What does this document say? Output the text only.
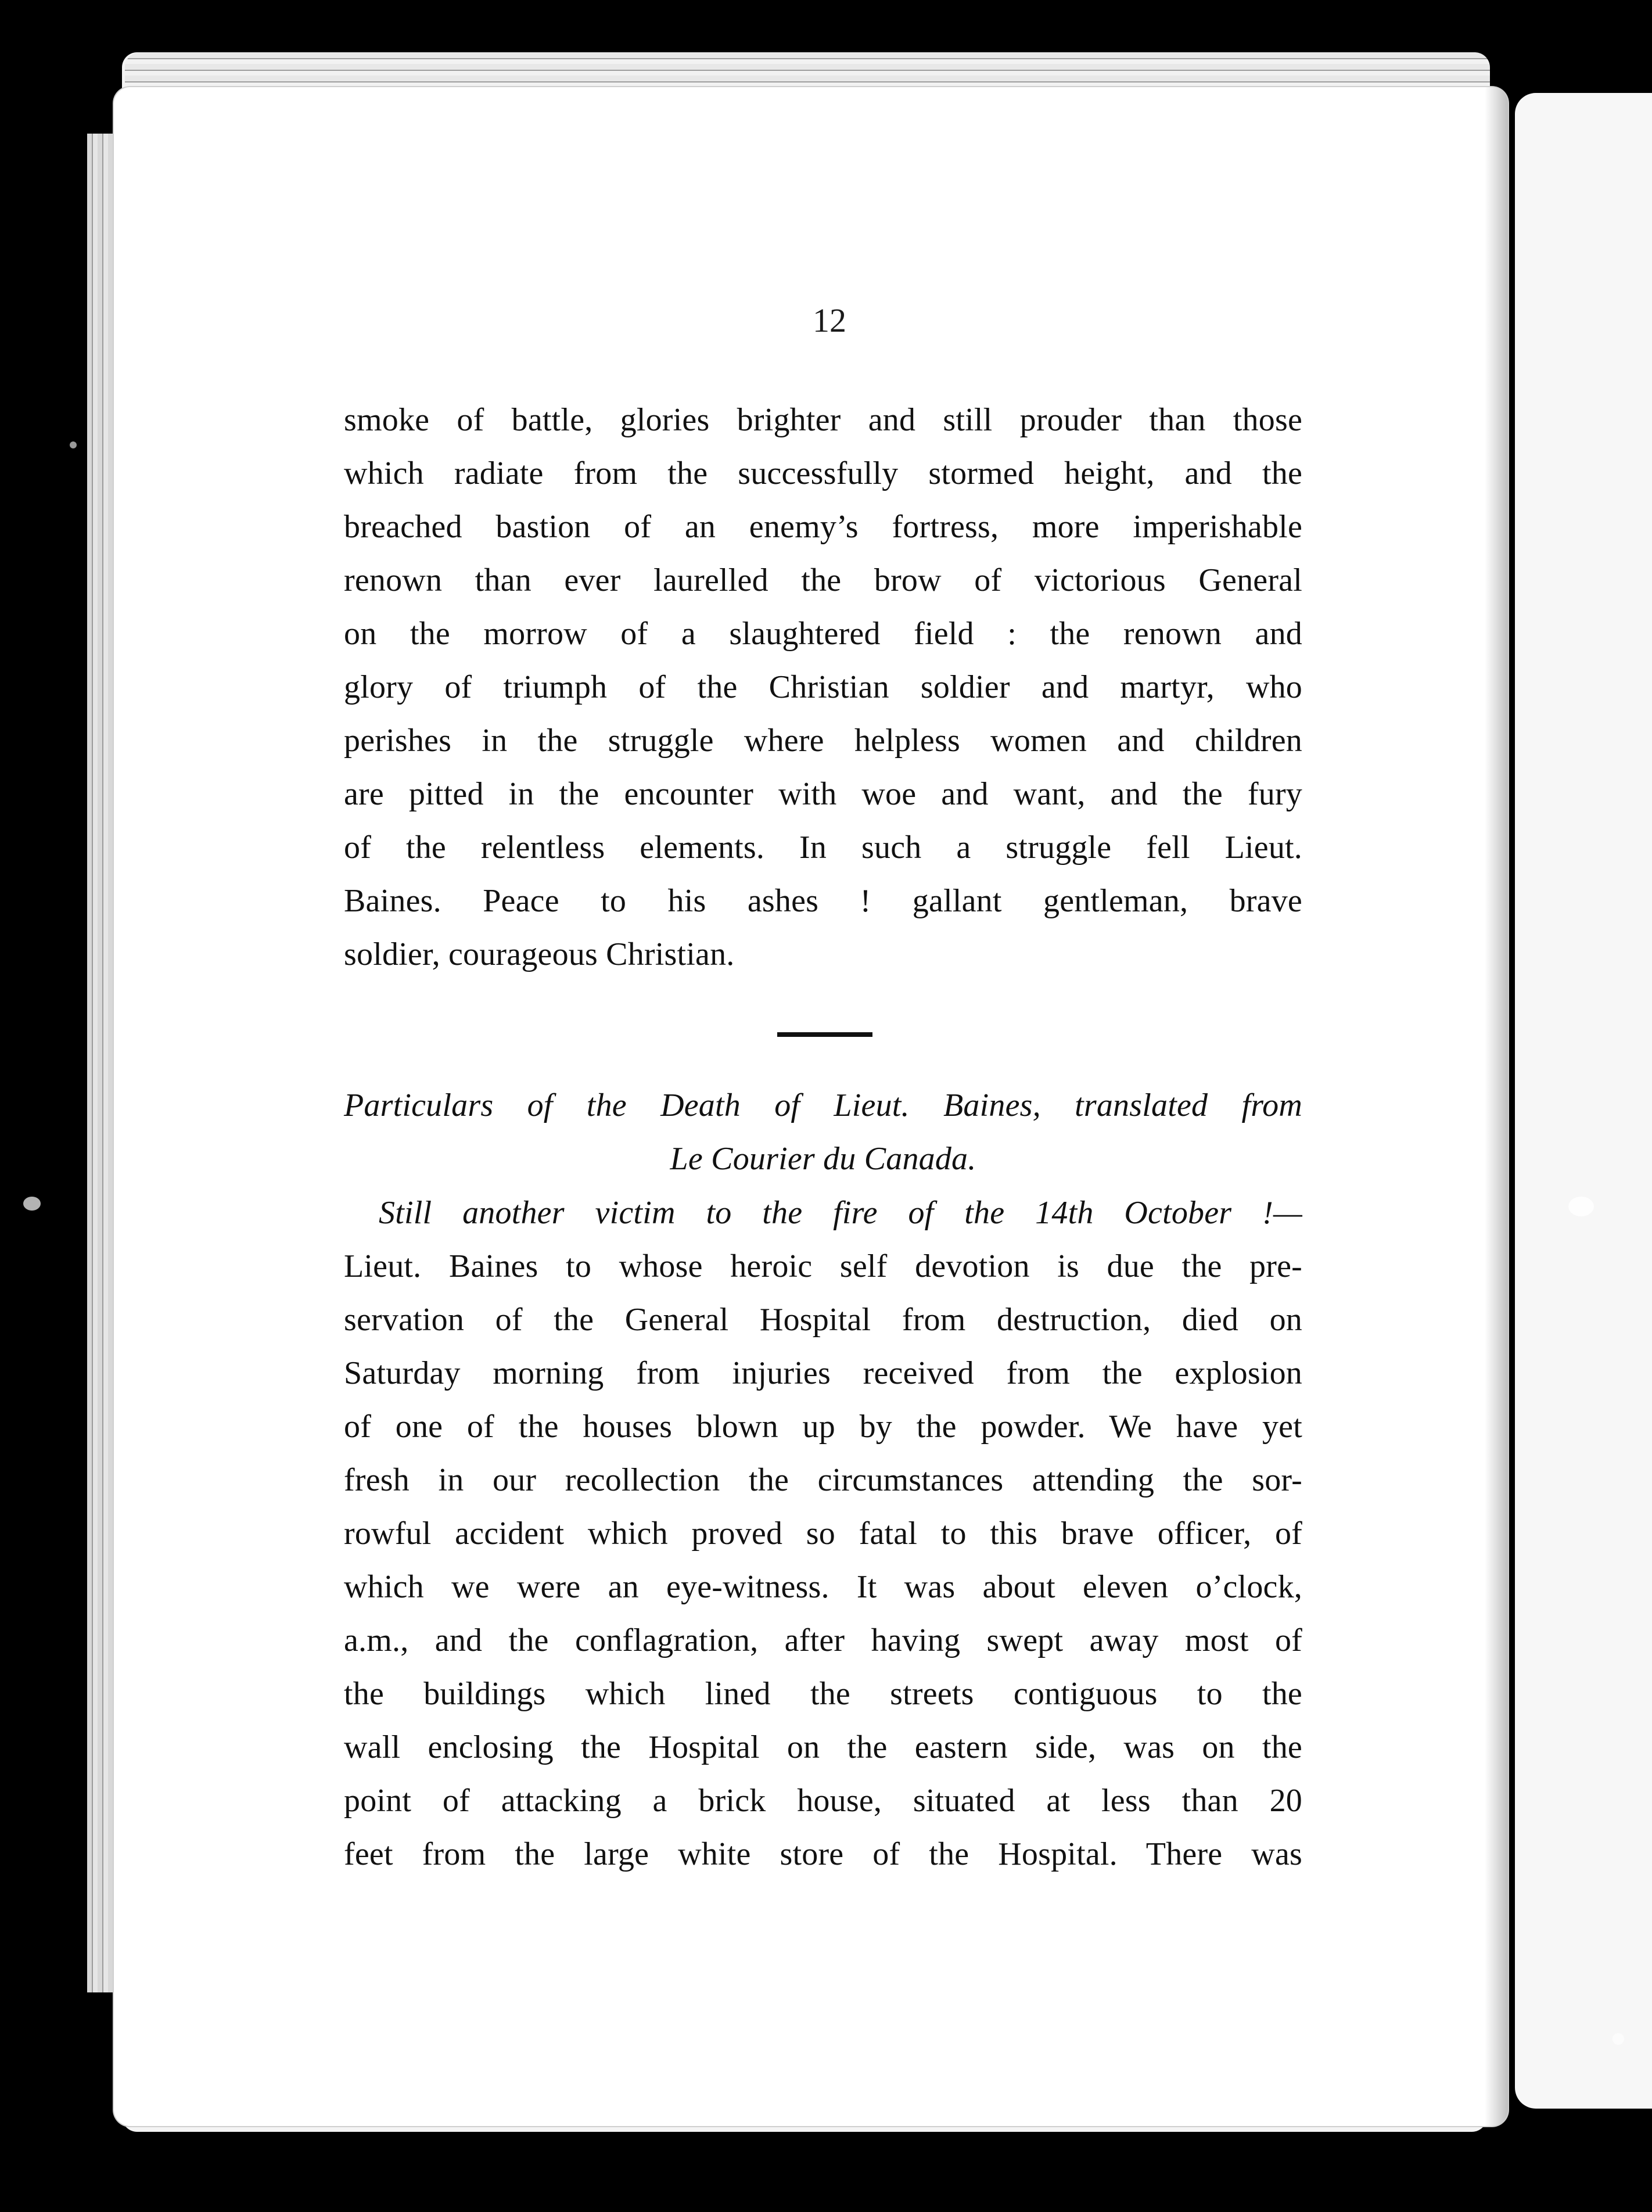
12
smoke of battle, glories brighter and still prouder than those
which radiate from the successfully stormed height, and the
breached bastion of an enemy’s fortress, more imperishable
renown than ever laurelled the brow of victorious General
on the morrow of a slaughtered field : the renown and
glory of triumph of the Christian soldier and martyr, who
perishes in the struggle where helpless women and children
are pitted in the encounter with woe and want, and the fury
of the relentless elements. In such a struggle fell Lieut.
Baines. Peace to his ashes ! gallant gentleman, brave
soldier, courageous Christian.
Particulars of the Death of Lieut. Baines, translated from
Le Courier du Canada.
Still another victim to the fire of the 14th October !—
Lieut. Baines to whose heroic self devotion is due the pre-
servation of the General Hospital from destruction, died on
Saturday morning from injuries received from the explosion
of one of the houses blown up by the powder. We have yet
fresh in our recollection the circumstances attending the sor-
rowful accident which proved so fatal to this brave officer, of
which we were an eye-witness. It was about eleven o’clock,
a.m., and the conflagration, after having swept away most of
the buildings which lined the streets contiguous to the
wall enclosing the Hospital on the eastern side, was on the
point of attacking a brick house, situated at less than 20
feet from the large white store of the Hospital. There was
